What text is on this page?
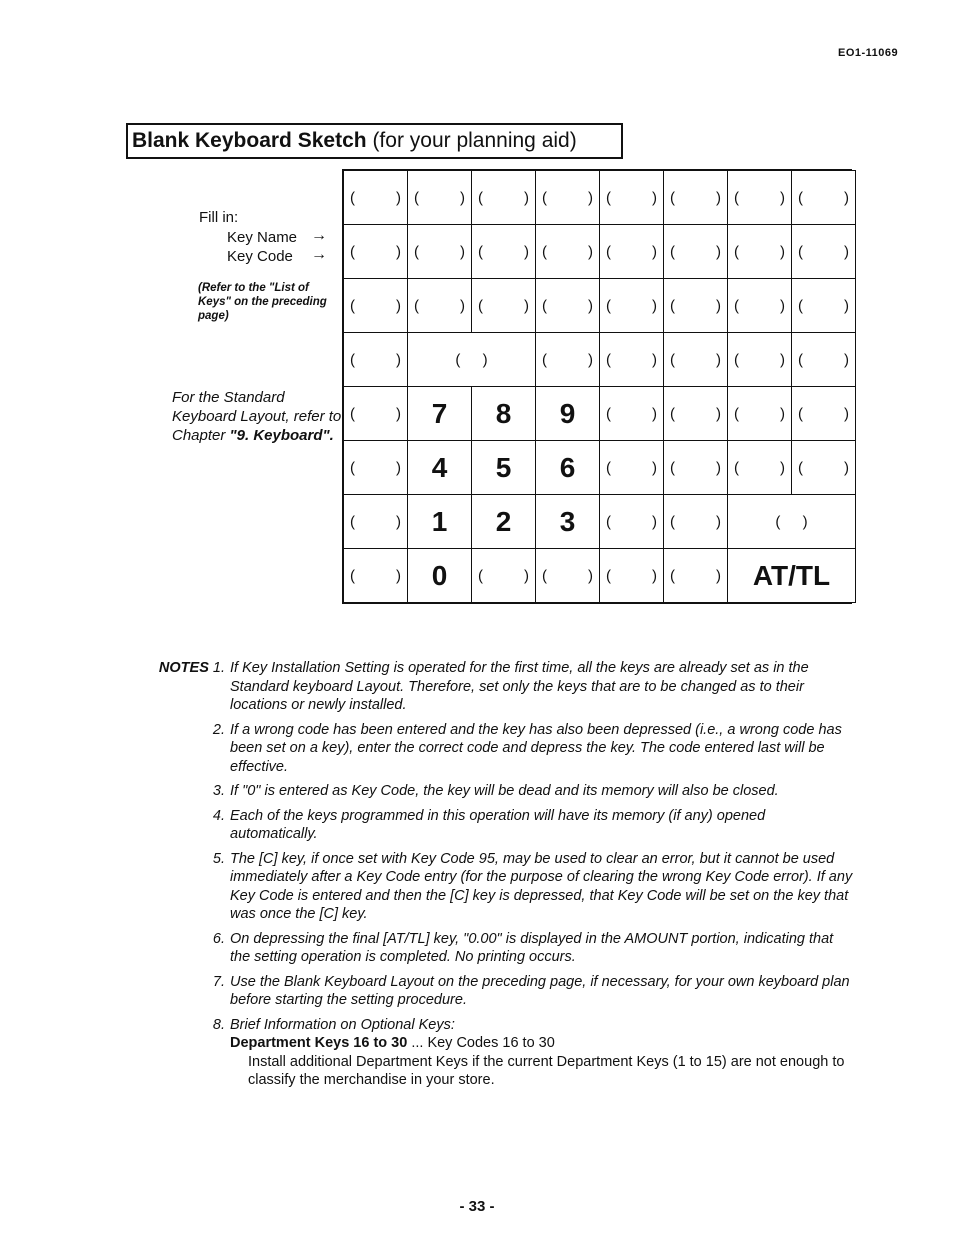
EO1-11069
Blank Keyboard Sketch (for your planning aid)
Fill in:
Key Name →
Key Code →
(Refer to the "List of Keys" on the preceding page)
For the Standard Keyboard Layout, refer to Chapter "9. Keyboard".
(	) (	) (	) (	) (	) (	) (	) (	)
(	) (	) (	) (	) (	) (	) (	) (	)
(	) (	) (	) (	) (	) (	) (	) (	)
(	)	( )	(	) (	) (	) (	) (	)
(	)	7	8	9	(	) (	) (	) (	)
(	)	4	5	6	(	) (	) (	) (	)
(	)	1	2	3	(	) (	)	( )
(	)	0	(	) (	) (	) (	)	AT/TL
NOTES 1. If Key Installation Setting is operated for the first time, all the keys are already set as in the Standard keyboard Layout. Therefore, set only the keys that are to be changed as to their locations or newly installed.
2. If a wrong code has been entered and the key has also been depressed (i.e., a wrong code has been set on a key), enter the correct code and depress the key. The code entered last will be effective.
3. If "0" is entered as Key Code, the key will be dead and its memory will also be closed.
4. Each of the keys programmed in this operation will have its memory (if any) opened automatically.
5. The [C] key, if once set with Key Code 95, may be used to clear an error, but it cannot be used immediately after a Key Code entry (for the purpose of clearing the wrong Key Code error). If any Key Code is entered and then the [C] key is depressed, that Key Code will be set on the key that was once the [C] key.
6. On depressing the final [AT/TL] key, "0.00" is displayed in the AMOUNT portion, indicating that the setting operation is completed. No printing occurs.
7. Use the Blank Keyboard Layout on the preceding page, if necessary, for your own keyboard plan before starting the setting procedure.
8. Brief Information on Optional Keys:
Department Keys 16 to 30 ... Key Codes 16 to 30
Install additional Department Keys if the current Department Keys (1 to 15) are not enough to classify the merchandise in your store.
- 33 -
